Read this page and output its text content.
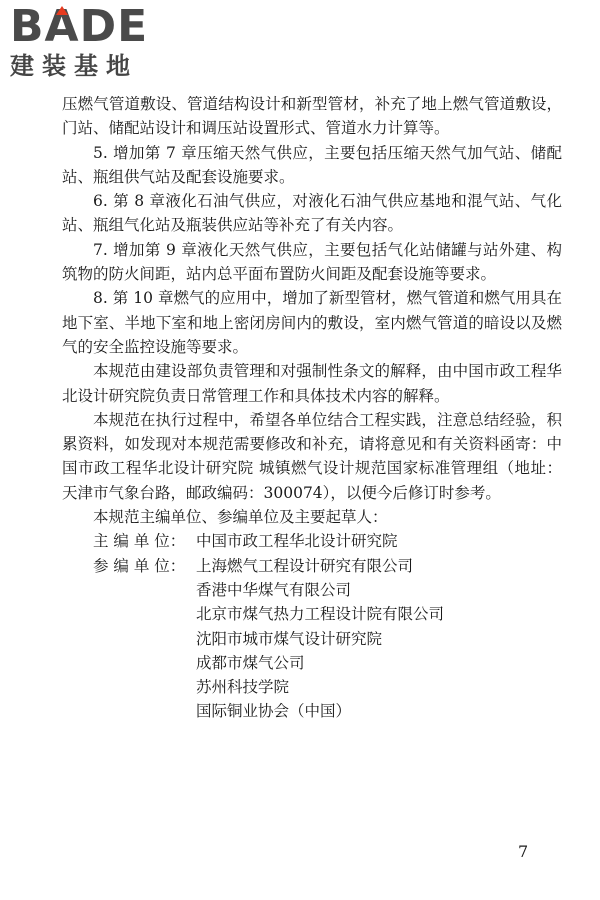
B A DE
建装基地

压燃气管道敷设、管道结构设计和新型管材，补充了地上燃气管道敷设，门站、储配站设计和调压站设置形式、管道水力计算等。

5. 增加第 7 章压缩天然气供应，主要包括压缩天然气加气站、储配站、瓶组供气站及配套设施要求。

6. 第 8 章液化石油气供应，对液化石油气供应基地和混气站、气化站、瓶组气化站及瓶装供应站等补充了有关内容。

7. 增加第 9 章液化天然气供应，主要包括气化站储罐与站外建、构筑物的防火间距，站内总平面布置防火间距及配套设施等要求。

8. 第 10 章燃气的应用中，增加了新型管材，燃气管道和燃气用具在地下室、半地下室和地上密闭房间内的敷设，室内燃气管道的暗设以及燃气的安全监控设施等要求。

本规范由建设部负责管理和对强制性条文的解释，由中国市政工程华北设计研究院负责日常管理工作和具体技术内容的解释。

本规范在执行过程中，希望各单位结合工程实践，注意总结经验，积累资料，如发现对本规范需要修改和补充，请将意见和有关资料函寄：中国市政工程华北设计研究院 城镇燃气设计规范国家标准管理组（地址：天津市气象台路，邮政编码：300074），以便今后修订时参考。

本规范主编单位、参编单位及主要起草人：

主 编 单 位： 中国市政工程华北设计研究院
参 编 单 位： 上海燃气工程设计研究有限公司
香港中华煤气有限公司
北京市煤气热力工程设计院有限公司
沈阳市城市煤气设计研究院
成都市煤气公司
苏州科技学院
国际铜业协会（中国）
7
